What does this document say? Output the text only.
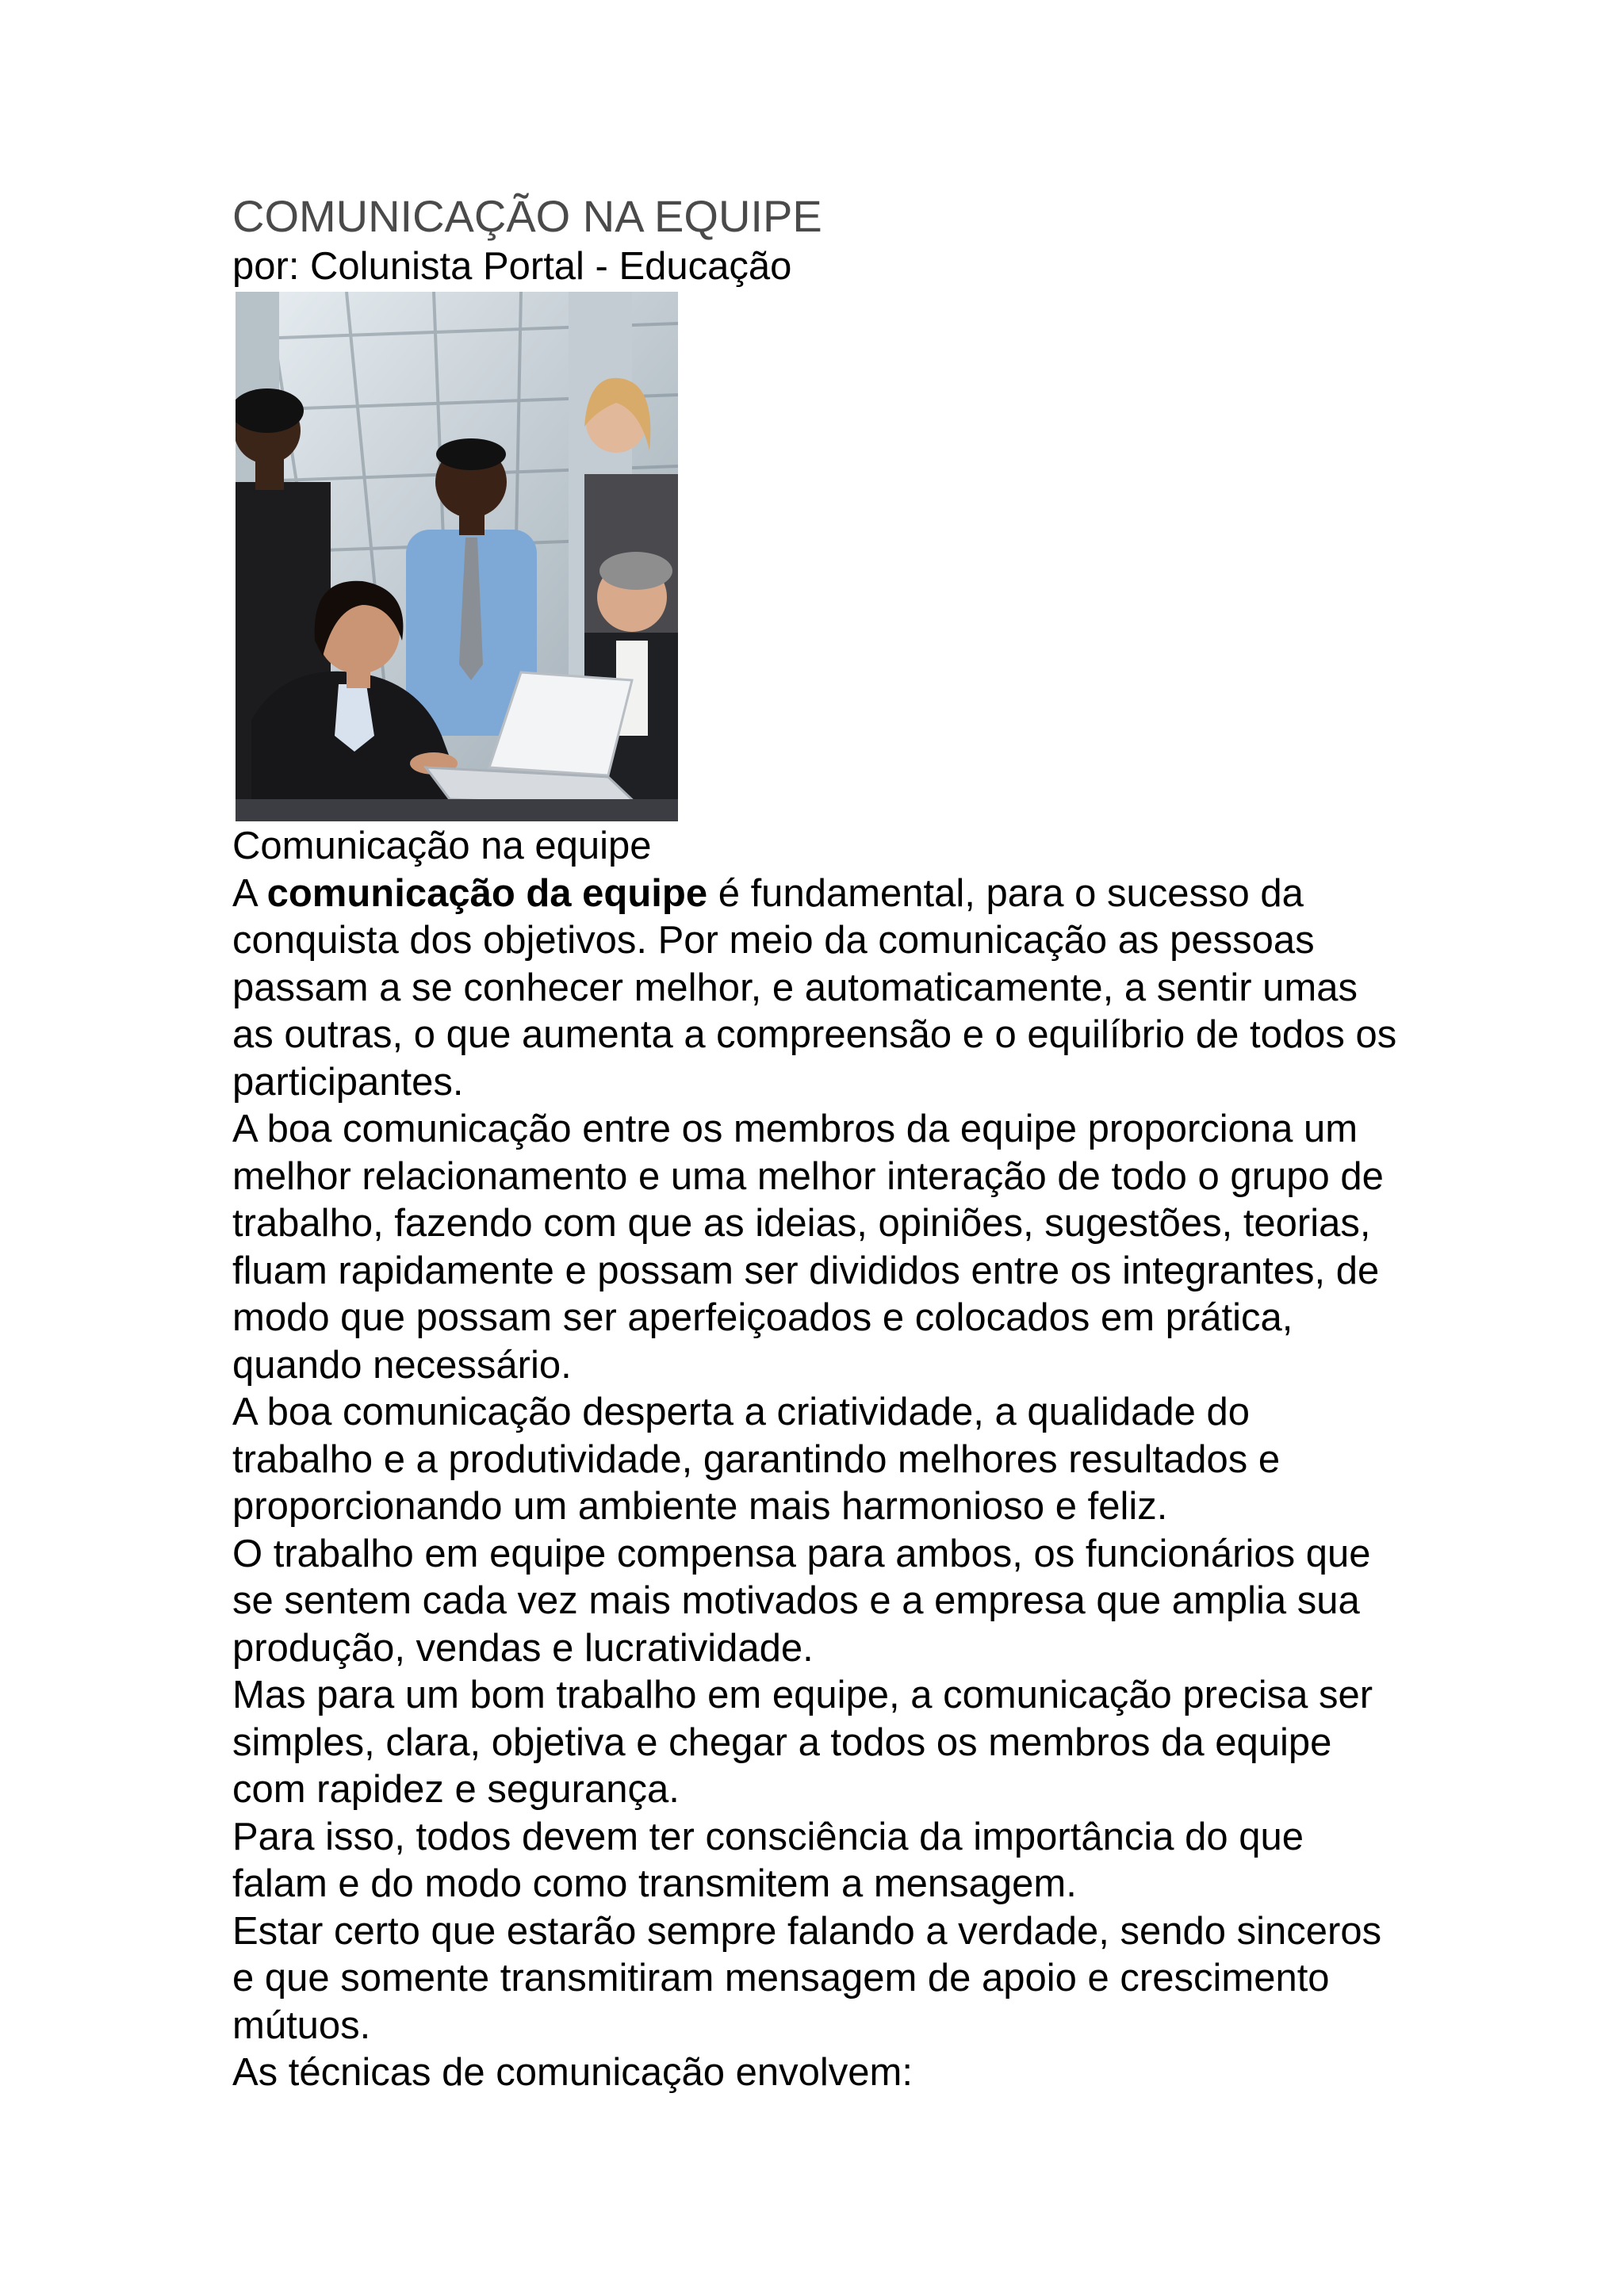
COMUNICAÇÃO NA EQUIPE
por: Colunista Portal - Educação

Comunicação na equipe

A comunicação da equipe é fundamental, para o sucesso da conquista dos objetivos. Por meio da comunicação as pessoas passam a se conhecer melhor, e automaticamente, a sentir umas as outras, o que aumenta a compreensão e o equilíbrio de todos os participantes.

A boa comunicação entre os membros da equipe proporciona um melhor relacionamento e uma melhor interação de todo o grupo de trabalho, fazendo com que as ideias, opiniões, sugestões, teorias, fluam rapidamente e possam ser divididos entre os integrantes, de modo que possam ser aperfeiçoados e colocados em prática, quando necessário.

A boa comunicação desperta a criatividade, a qualidade do trabalho e a produtividade, garantindo melhores resultados e proporcionando um ambiente mais harmonioso e feliz.

O trabalho em equipe compensa para ambos, os funcionários que se sentem cada vez mais motivados e a empresa que amplia sua produção, vendas e lucratividade.

Mas para um bom trabalho em equipe, a comunicação precisa ser simples, clara, objetiva e chegar a todos os membros da equipe com rapidez e segurança.

Para isso, todos devem ter consciência da importância do que falam e do modo como transmitem a mensagem.

Estar certo que estarão sempre falando a verdade, sendo sinceros e que somente transmitiram mensagem de apoio e crescimento mútuos.

As técnicas de comunicação envolvem:
